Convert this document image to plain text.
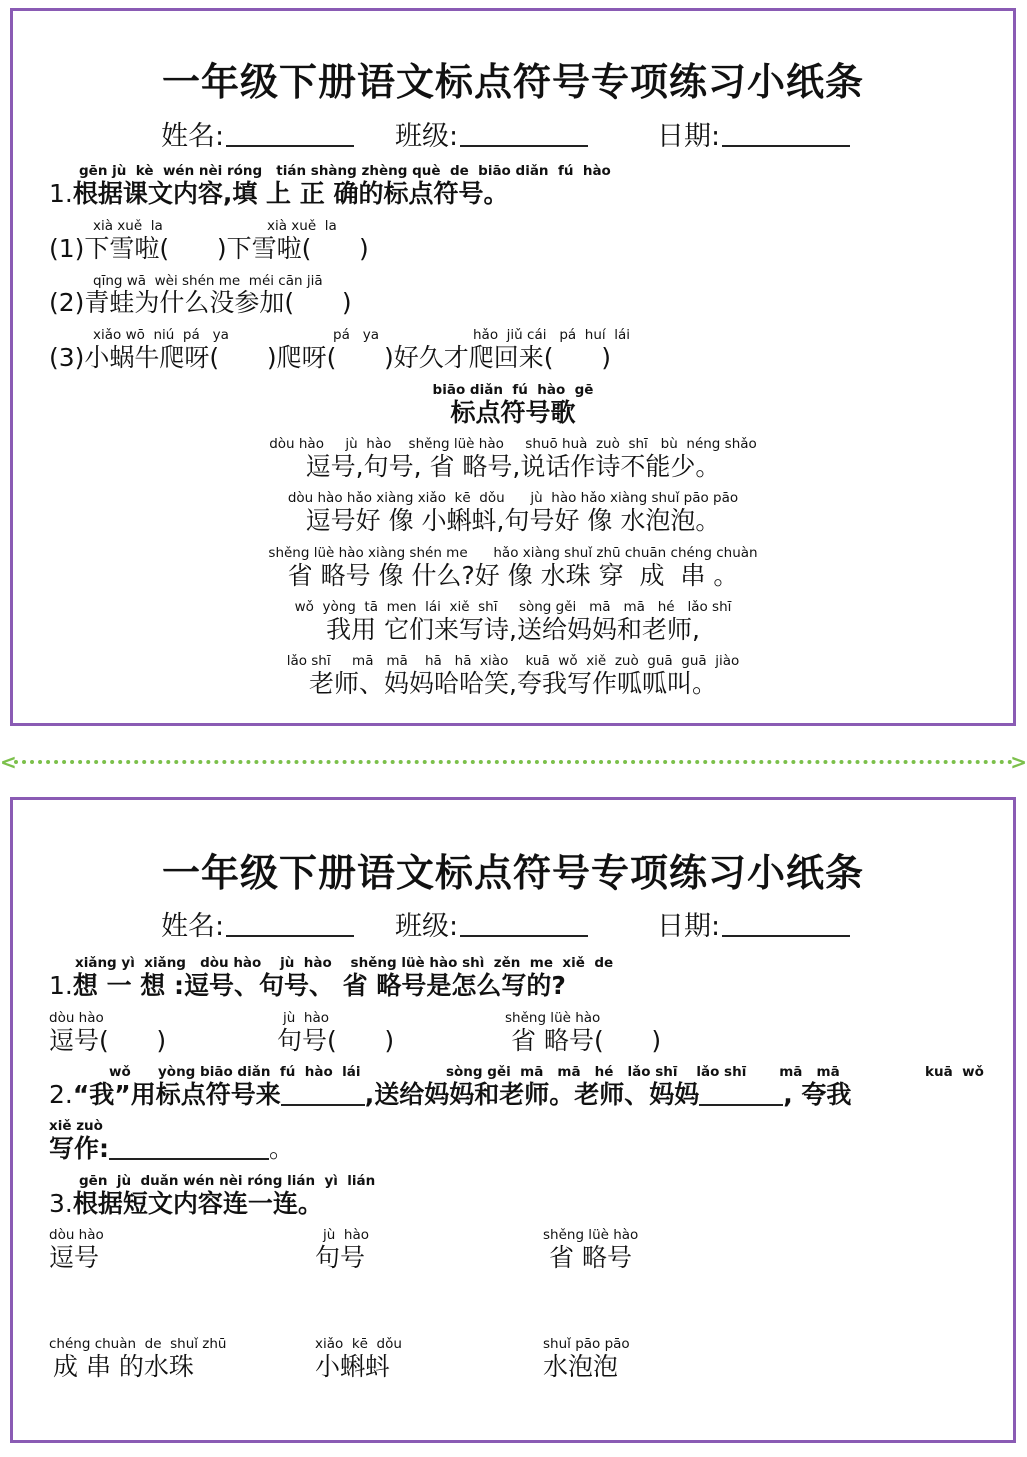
一年级下册语文标点符号专项练习小纸条
姓名:	班级:	日期:
gēn jù  kè  wén nèi róng   tián shàng zhèng què  de  biāo diǎn  fú  hào
1.根据课文内容,填 上 正 确的标点符号。
xià xuě  la	xià xuě  la
(1)下雪啦(      )下雪啦(      )
qīng wā  wèi shén me  méi cān jiā
(2)青蛙为什么没参加(      )
xiǎo wō  niú  pá   ya	pá   ya	hǎo  jiǔ cái   pá  huí  lái
(3)小蜗牛爬呀(      )爬呀(      )好久才爬回来(      )
biāo diǎn  fú  hào  gē
标点符号歌
dòu hào     jù  hào    shěng lüè hào     shuō huà  zuò  shī   bù  néng shǎo
逗号,句号, 省 略号,说话作诗不能少。
dòu hào hǎo xiàng xiǎo  kē  dǒu      jù  hào hǎo xiàng shuǐ pāo pāo
逗号好 像 小蝌蚪,句号好 像 水泡泡。
shěng lüè hào xiàng shén me      hǎo xiàng shuǐ zhū chuān chéng chuàn
省 略号 像 什么?好 像 水珠 穿  成  串 。
wǒ  yòng  tā  men  lái  xiě  shī     sòng gěi   mā   mā   hé   lǎo shī
我用 它们来写诗,送给妈妈和老师,
lǎo shī     mā   mā    hā   hā  xiào    kuā  wǒ  xiě  zuò  guā  guā  jiào
老师、妈妈哈哈笑,夸我写作呱呱叫。
<	>
一年级下册语文标点符号专项练习小纸条
姓名:	班级:	日期:
xiǎng yì  xiǎng   dòu hào    jù  hào    shěng lüè hào shì  zěn  me  xiě  de
1.想 一 想 :逗号、句号、 省 略号是怎么写的?
dòu hào
逗号(      )
jù  hào
句号(      )
shěng lüè hào
省 略号(      )
wǒ yòng biāo diǎn  fú  hào  lái	sòng gěi  mā   mā   hé   lǎo shī    lǎo shī       mā   mā	kuā  wǒ
2.“我”用标点符号来	,送给妈妈和老师。老师、妈妈	, 夸我
xiě zuò
写作:	。
gēn  jù  duǎn wén nèi róng lián  yì  lián
3.根据短文内容连一连。
dòu hào
逗号
jù  hào
句号
shěng lüè hào
省 略号
chéng chuàn  de  shuǐ zhū
成 串 的水珠
xiǎo  kē  dǒu
小蝌蚪
shuǐ pāo pāo
水泡泡
